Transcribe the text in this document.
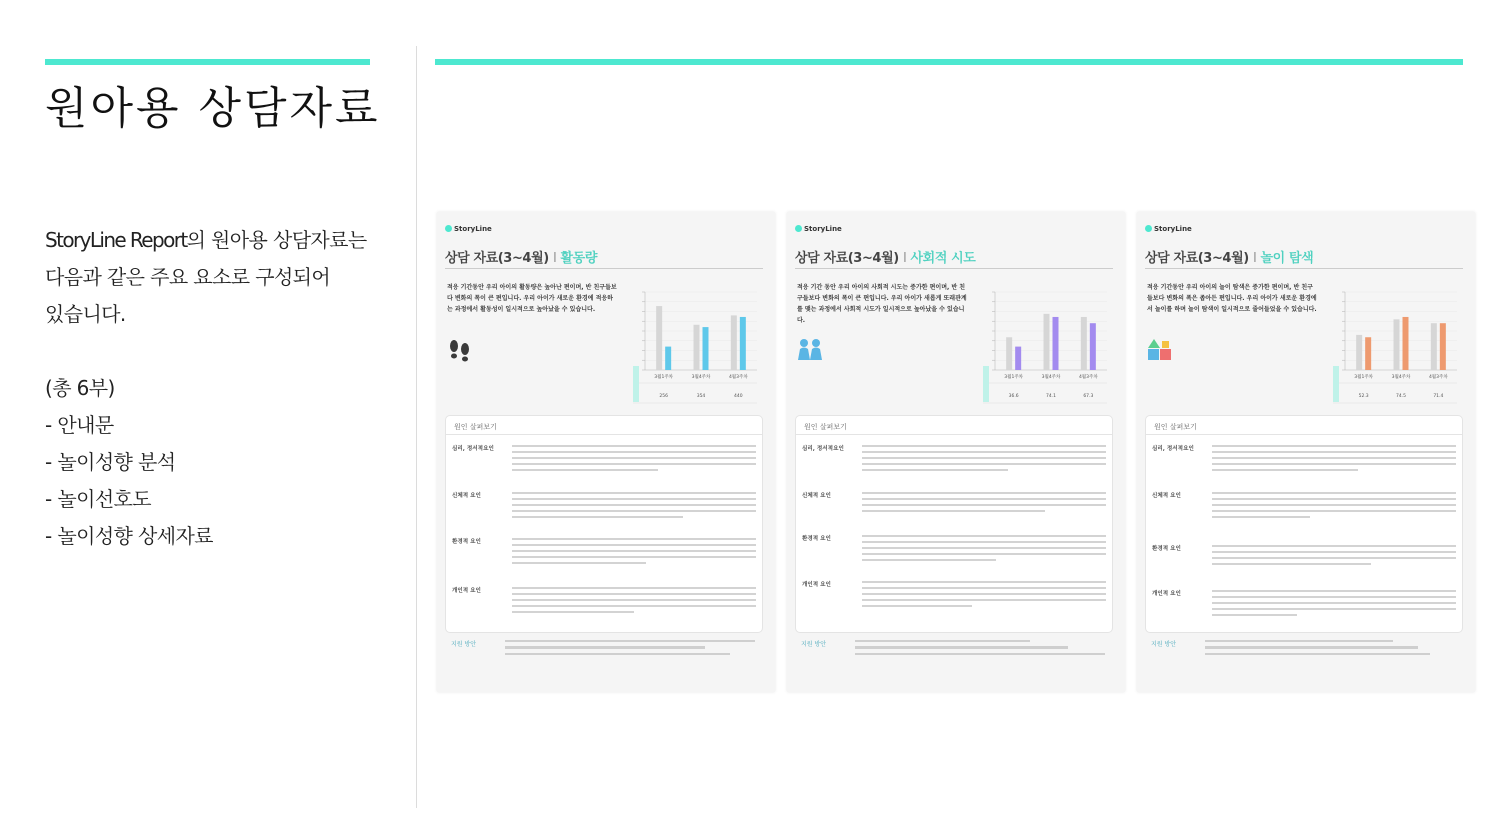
원아용 상담자료
StoryLine Report의 원아용 상담자료는
다음과 같은 주요 요소로 구성되어
있습니다.
(총 6부)
- 안내문
- 놀이성향 분석
- 놀이선호도
- 놀이성향 상세자료
StoryLine
상담 자료(3~4월) I 활동량
적응 기간동안 우리 아이의 활동량은 높아난 편이며, 반 친구들보다 변화의 폭이 큰 편입니다. 우리 아이가 새로운 환경에 적응하는 과정에서 활동성이 일시적으로 높아났을 수 있습니다.
3월1주차
256
3월4주차
354
4월3주차
440
원인 살펴보기
심리, 정서적요인
신체적 요인
환경적 요인
개인적 요인
지원 방안
StoryLine
상담 자료(3~4월) I 사회적 시도
적응 기간 동안 우리 아이의 사회적 시도는 증가한 편이며, 반 친구들보다 변화의 폭이 큰 편입니다. 우리 아이가 새롭게 또래관계를 맺는 과정에서 사회적 시도가 일시적으로 높아났을 수 있습니다.
3월1주차
36.6
3월4주차
74.1
4월3주차
67.3
원인 살펴보기
심리, 정서적요인
신체적 요인
환경적 요인
개인적 요인
지원 방안
StoryLine
상담 자료(3~4월) I 놀이 탐색
적응 기간동안 우리 아이의 놀이 탐색은 증가한 편이며, 반 친구들보다 변화의 폭은 좁아든 편입니다. 우리 아이가 새로운 환경에서 놀이를 하며 놀이 탐색이 일시적으로 줄어들었을 수 있습니다.
3월1주차
52.3
3월4주차
74.5
4월3주차
71.4
원인 살펴보기
심리, 정서적요인
신체적 요인
환경적 요인
개인적 요인
지원 방안
